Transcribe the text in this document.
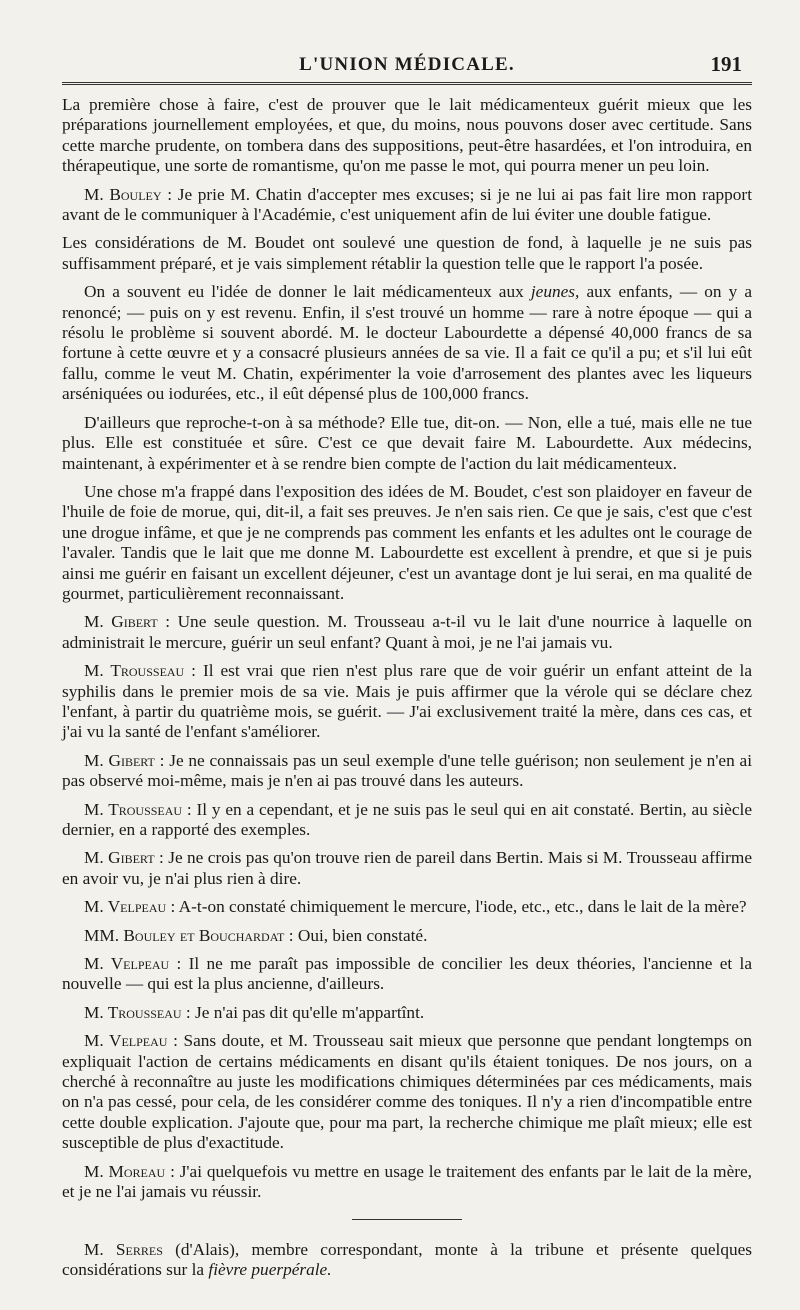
L'UNION MÉDICALE.	191

La première chose à faire, c'est de prouver que le lait médicamenteux guérit mieux que les préparations journellement employées, et que, du moins, nous pouvons doser avec certitude. Sans cette marche prudente, on tombera dans des suppositions, peut-être hasardées, et l'on introduira, en thérapeutique, une sorte de romantisme, qu'on me passe le mot, qui pourra mener un peu loin.

M. Bouley : Je prie M. Chatin d'accepter mes excuses; si je ne lui ai pas fait lire mon rapport avant de le communiquer à l'Académie, c'est uniquement afin de lui éviter une double fatigue.

Les considérations de M. Boudet ont soulevé une question de fond, à laquelle je ne suis pas suffisamment préparé, et je vais simplement rétablir la question telle que le rapport l'a posée.

On a souvent eu l'idée de donner le lait médicamenteux aux jeunes, aux enfants, — on y a renoncé; — puis on y est revenu. Enfin, il s'est trouvé un homme — rare à notre époque — qui a résolu le problème si souvent abordé. M. le docteur Labourdette a dépensé 40,000 francs de sa fortune à cette œuvre et y a consacré plusieurs années de sa vie. Il a fait ce qu'il a pu; et s'il lui eût fallu, comme le veut M. Chatin, expérimenter la voie d'arrosement des plantes avec les liqueurs arséniquées ou iodurées, etc., il eût dépensé plus de 100,000 francs.

D'ailleurs que reproche-t-on à sa méthode? Elle tue, dit-on. — Non, elle a tué, mais elle ne tue plus. Elle est constituée et sûre. C'est ce que devait faire M. Labourdette. Aux médecins, maintenant, à expérimenter et à se rendre bien compte de l'action du lait médicamenteux.

Une chose m'a frappé dans l'exposition des idées de M. Boudet, c'est son plaidoyer en faveur de l'huile de foie de morue, qui, dit-il, a fait ses preuves. Je n'en sais rien. Ce que je sais, c'est que c'est une drogue infâme, et que je ne comprends pas comment les enfants et les adultes ont le courage de l'avaler. Tandis que le lait que me donne M. Labourdette est excellent à prendre, et que si je puis ainsi me guérir en faisant un excellent déjeuner, c'est un avantage dont je lui serai, en ma qualité de gourmet, particulièrement reconnaissant.

M. Gibert : Une seule question. M. Trousseau a-t-il vu le lait d'une nourrice à laquelle on administrait le mercure, guérir un seul enfant? Quant à moi, je ne l'ai jamais vu.

M. Trousseau : Il est vrai que rien n'est plus rare que de voir guérir un enfant atteint de la syphilis dans le premier mois de sa vie. Mais je puis affirmer que la vérole qui se déclare chez l'enfant, à partir du quatrième mois, se guérit. — J'ai exclusivement traité la mère, dans ces cas, et j'ai vu la santé de l'enfant s'améliorer.

M. Gibert : Je ne connaissais pas un seul exemple d'une telle guérison; non seulement je n'en ai pas observé moi-même, mais je n'en ai pas trouvé dans les auteurs.

M. Trousseau : Il y en a cependant, et je ne suis pas le seul qui en ait constaté. Bertin, au siècle dernier, en a rapporté des exemples.

M. Gibert : Je ne crois pas qu'on trouve rien de pareil dans Bertin. Mais si M. Trousseau affirme en avoir vu, je n'ai plus rien à dire.

M. Velpeau : A-t-on constaté chimiquement le mercure, l'iode, etc., etc., dans le lait de la mère?

MM. Bouley et Bouchardat : Oui, bien constaté.

M. Velpeau : Il ne me paraît pas impossible de concilier les deux théories, l'ancienne et la nouvelle — qui est la plus ancienne, d'ailleurs.

M. Trousseau : Je n'ai pas dit qu'elle m'appartînt.

M. Velpeau : Sans doute, et M. Trousseau sait mieux que personne que pendant longtemps on expliquait l'action de certains médicaments en disant qu'ils étaient toniques. De nos jours, on a cherché à reconnaître au juste les modifications chimiques déterminées par ces médicaments, mais on n'a pas cessé, pour cela, de les considérer comme des toniques. Il n'y a rien d'incompatible entre cette double explication. J'ajoute que, pour ma part, la recherche chimique me plaît mieux; elle est susceptible de plus d'exactitude.

M. Moreau : J'ai quelquefois vu mettre en usage le traitement des enfants par le lait de la mère, et je ne l'ai jamais vu réussir.

M. Serres (d'Alais), membre correspondant, monte à la tribune et présente quelques considérations sur la fièvre puerpérale.
